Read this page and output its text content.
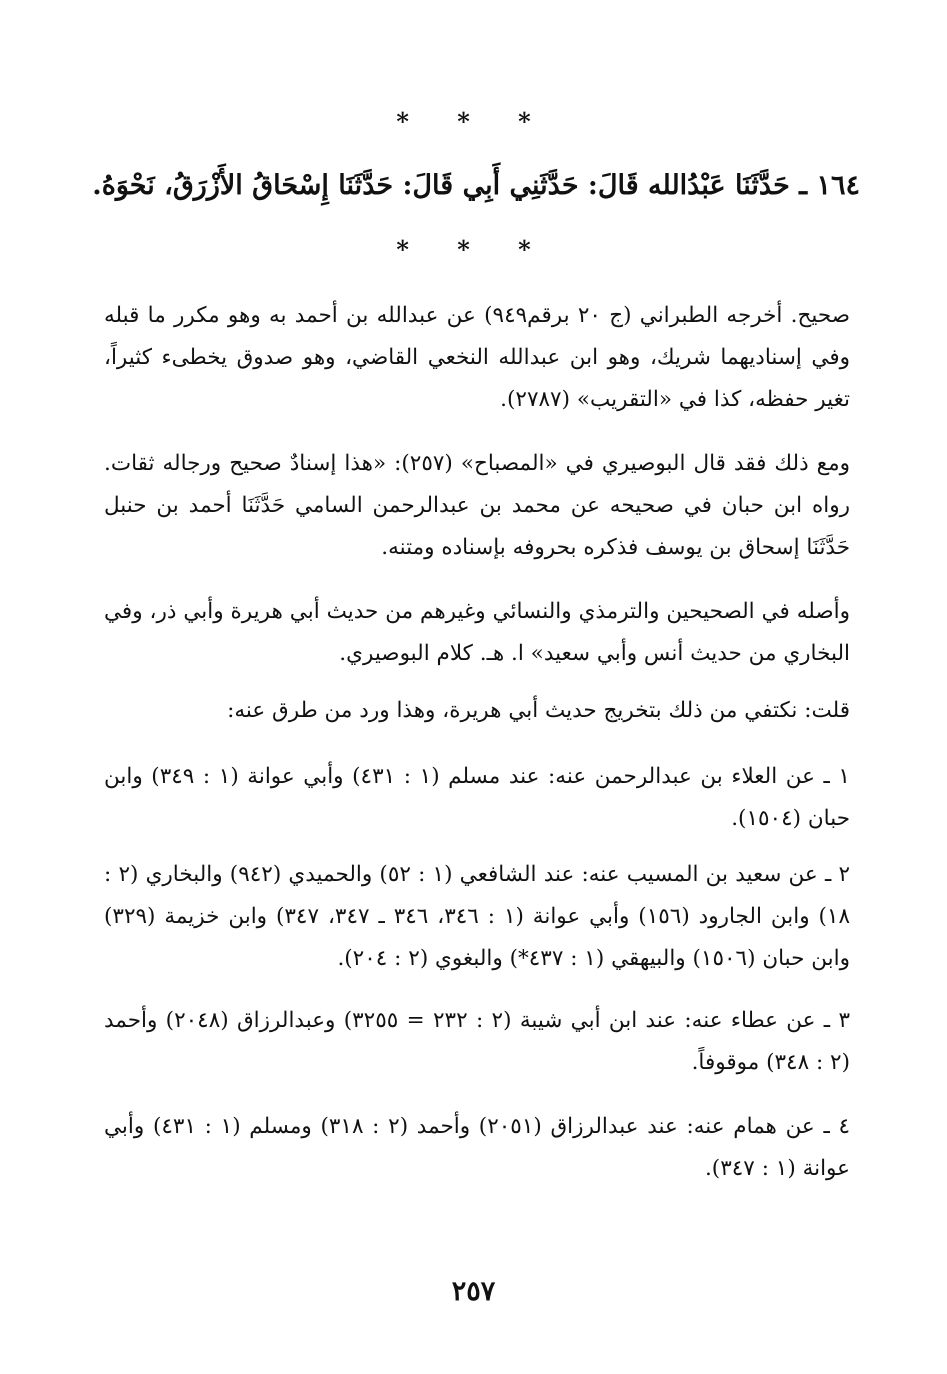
* * *
١٦٤ ـ حَدَّثَنَا عَبْدُالله قَالَ: حَدَّثَنِي أَبِي قَالَ: حَدَّثَنَا إِسْحَاقُ الأَزْرَقُ، نَحْوَهُ.
* * *
صحيح. أخرجه الطبراني (ج ٢٠ برقم٩٤٩) عن عبدالله بن أحمد به وهو مكرر ما قبله وفي إسناديهما شريك، وهو ابن عبدالله النخعي القاضي، وهو صدوق يخطىء كثيراً، تغير حفظه، كذا في «التقريب» (٢٧٨٧).
ومع ذلك فقد قال البوصيري في «المصباح» (٢٥٧): «هذا إسنادٌ صحيح ورجاله ثقات. رواه ابن حبان في صحيحه عن محمد بن عبدالرحمن السامي حَدَّثَنَا أحمد بن حنبل حَدَّثَنَا إسحاق بن يوسف فذكره بحروفه بإسناده ومتنه.
وأصله في الصحيحين والترمذي والنسائي وغيرهم من حديث أبي هريرة وأبي ذر، وفي البخاري من حديث أنس وأبي سعيد» ا. هـ. كلام البوصيري.
قلت: نكتفي من ذلك بتخريج حديث أبي هريرة، وهذا ورد من طرق عنه:
١ ـ عن العلاء بن عبدالرحمن عنه: عند مسلم (١ : ٤٣١) وأبي عوانة (١ : ٣٤٩) وابن حبان (١٥٠٤).
٢ ـ عن سعيد بن المسيب عنه: عند الشافعي (١ : ٥٢) والحميدي (٩٤٢) والبخاري (٢ : ١٨) وابن الجارود (١٥٦) وأبي عوانة (١ : ٣٤٦، ٣٤٦ ـ ٣٤٧، ٣٤٧) وابن خزيمة (٣٢٩) وابن حبان (١٥٠٦) والبيهقي (١ : ٤٣٧*) والبغوي (٢ : ٢٠٤).
٣ ـ عن عطاء عنه: عند ابن أبي شيبة (٢ : ٢٣٢ = ٣٢٥٥) وعبدالرزاق (٢٠٤٨) وأحمد (٢ : ٣٤٨) موقوفاً.
٤ ـ عن همام عنه: عند عبدالرزاق (٢٠٥١) وأحمد (٢ : ٣١٨) ومسلم (١ : ٤٣١) وأبي عوانة (١ : ٣٤٧).
٢٥٧
